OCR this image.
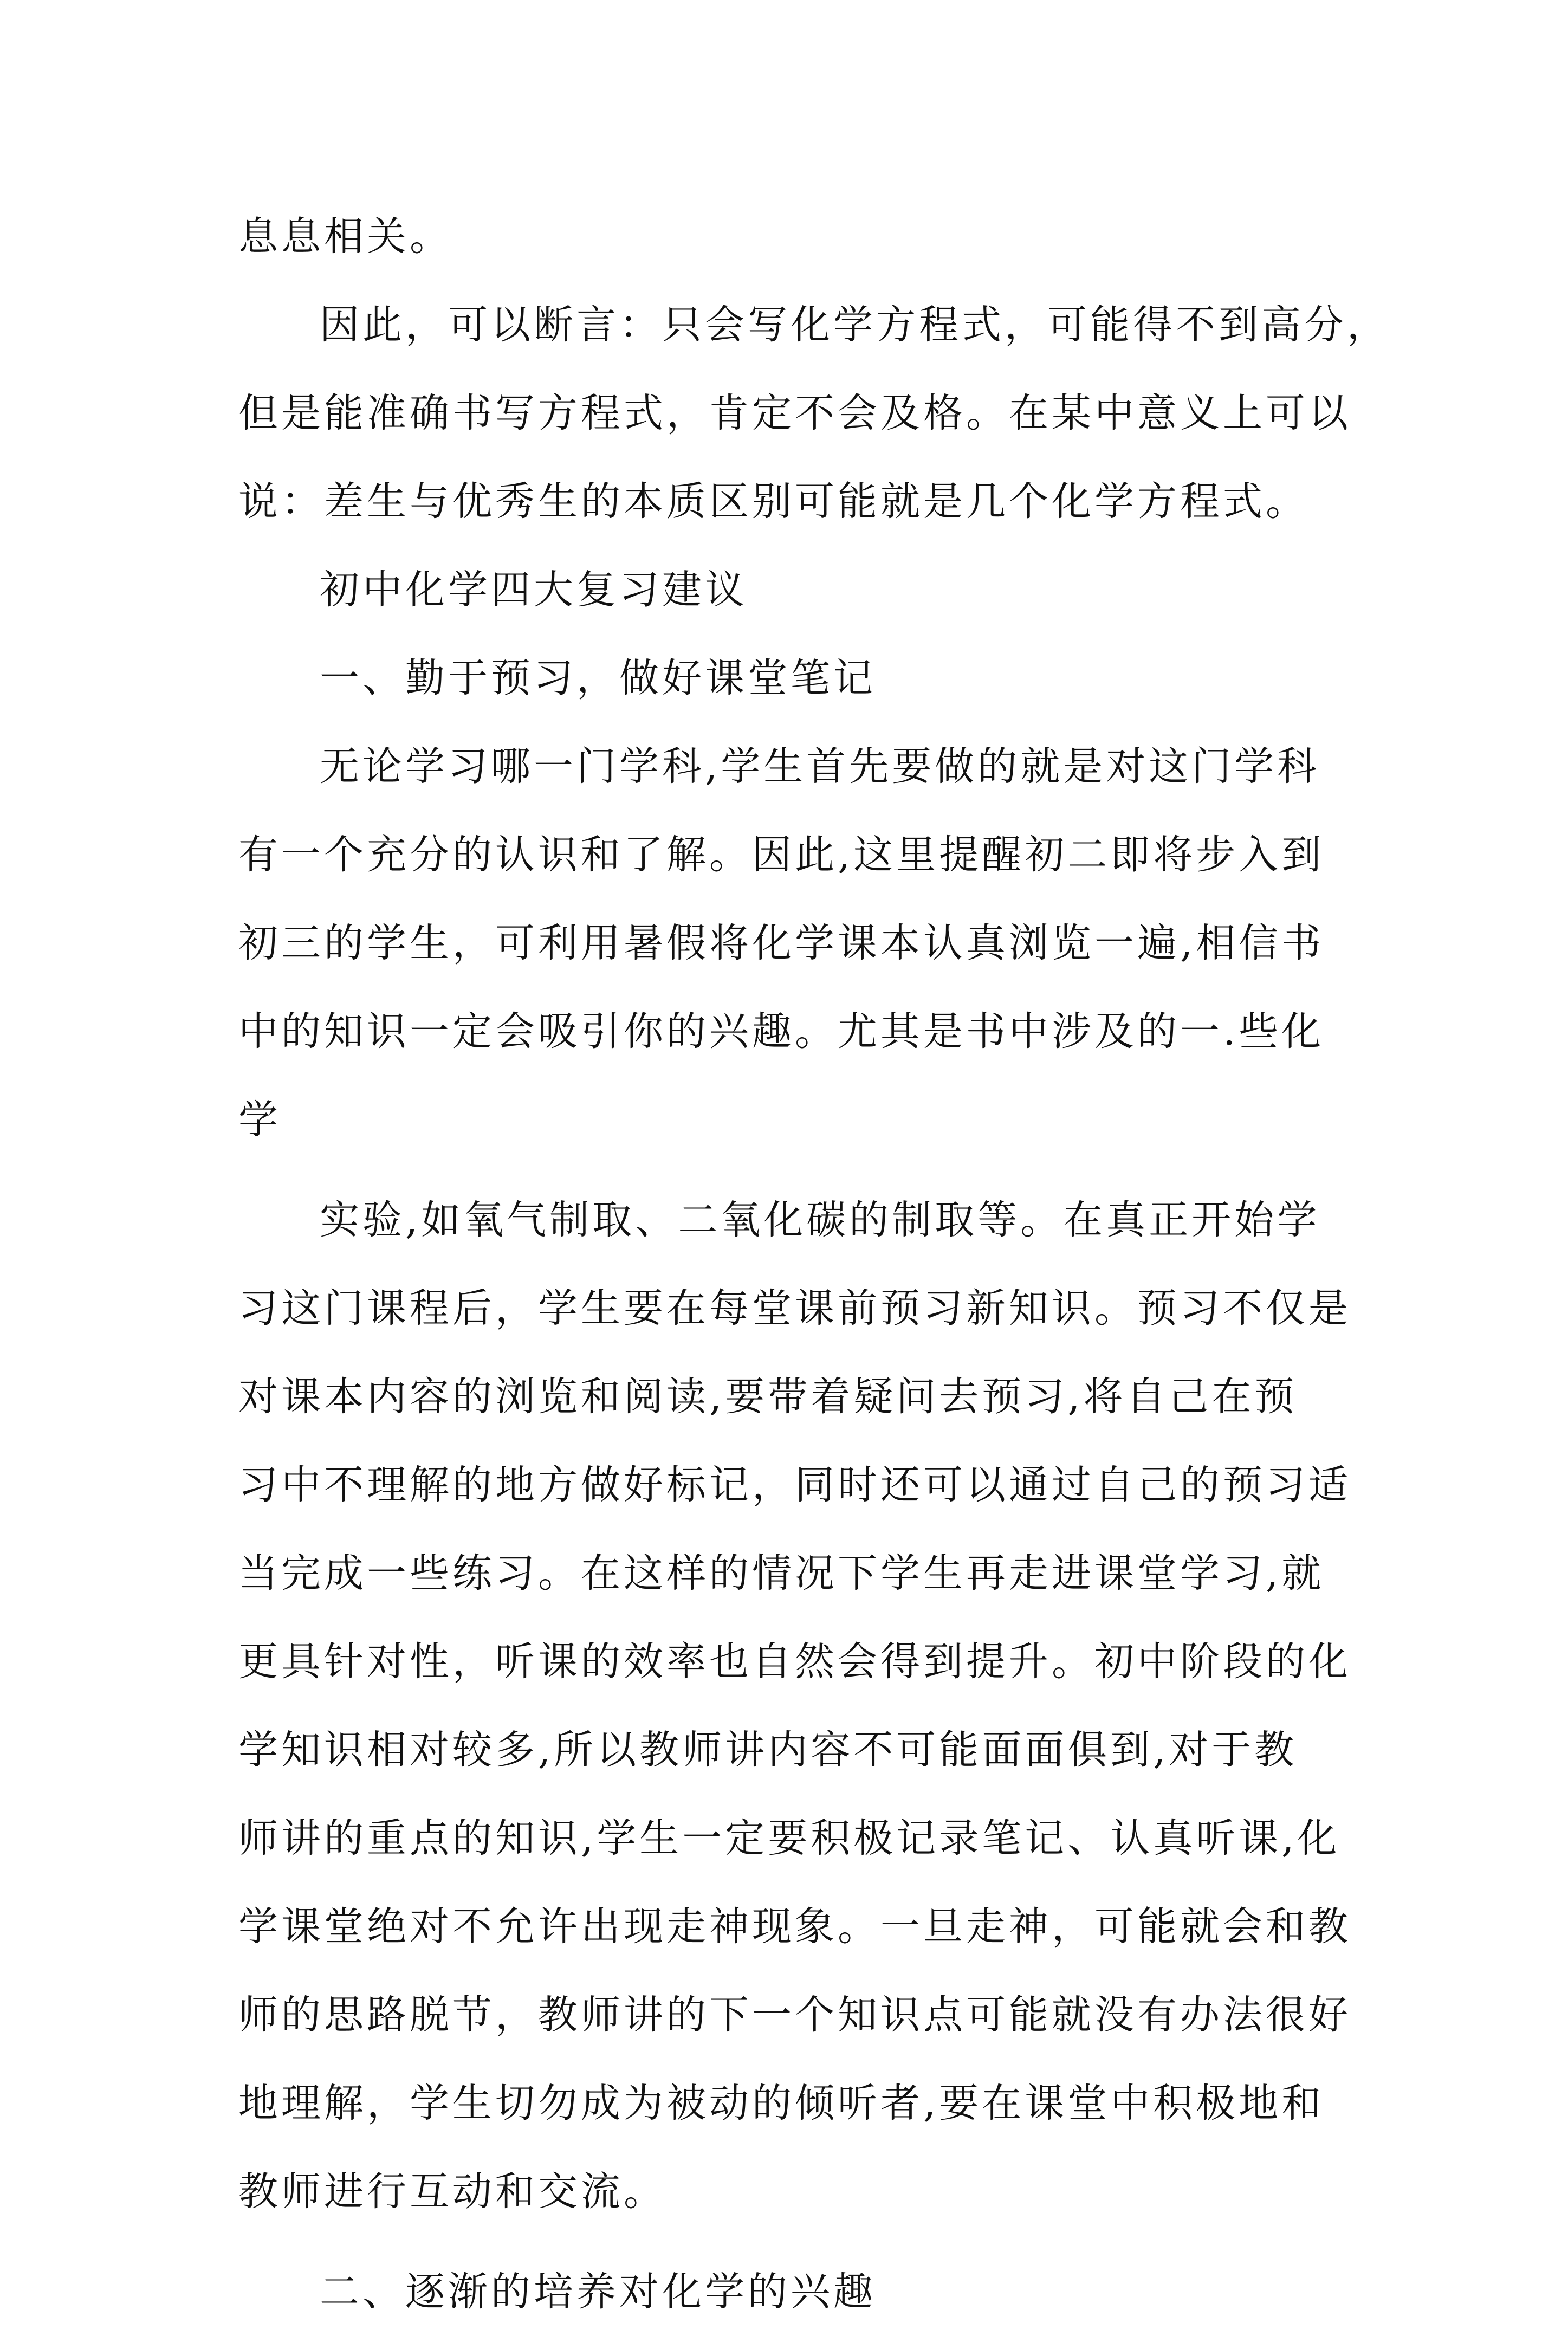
息息相关。
因此，可以断言：只会写化学方程式，可能得不到高分，
但是能准确书写方程式，肯定不会及格。在某中意义上可以
说：差生与优秀生的本质区别可能就是几个化学方程式。
初中化学四大复习建议
一、勤于预习，做好课堂笔记
无论学习哪一门学科,学生首先要做的就是对这门学科
有一个充分的认识和了解。因此,这里提醒初二即将步入到
初三的学生，可利用暑假将化学课本认真浏览一遍,相信书
中的知识一定会吸引你的兴趣。尤其是书中涉及的一.些化
学
实验,如氧气制取、二氧化碳的制取等。在真正开始学
习这门课程后，学生要在每堂课前预习新知识。预习不仅是
对课本内容的浏览和阅读,要带着疑问去预习,将自己在预
习中不理解的地方做好标记，同时还可以通过自己的预习适
当完成一些练习。在这样的情况下学生再走进课堂学习,就
更具针对性，听课的效率也自然会得到提升。初中阶段的化
学知识相对较多,所以教师讲内容不可能面面俱到,对于教
师讲的重点的知识,学生一定要积极记录笔记、认真听课,化
学课堂绝对不允许出现走神现象。一旦走神，可能就会和教
师的思路脱节，教师讲的下一个知识点可能就没有办法很好
地理解，学生切勿成为被动的倾听者,要在课堂中积极地和
教师进行互动和交流。
二、逐渐的培养对化学的兴趣
